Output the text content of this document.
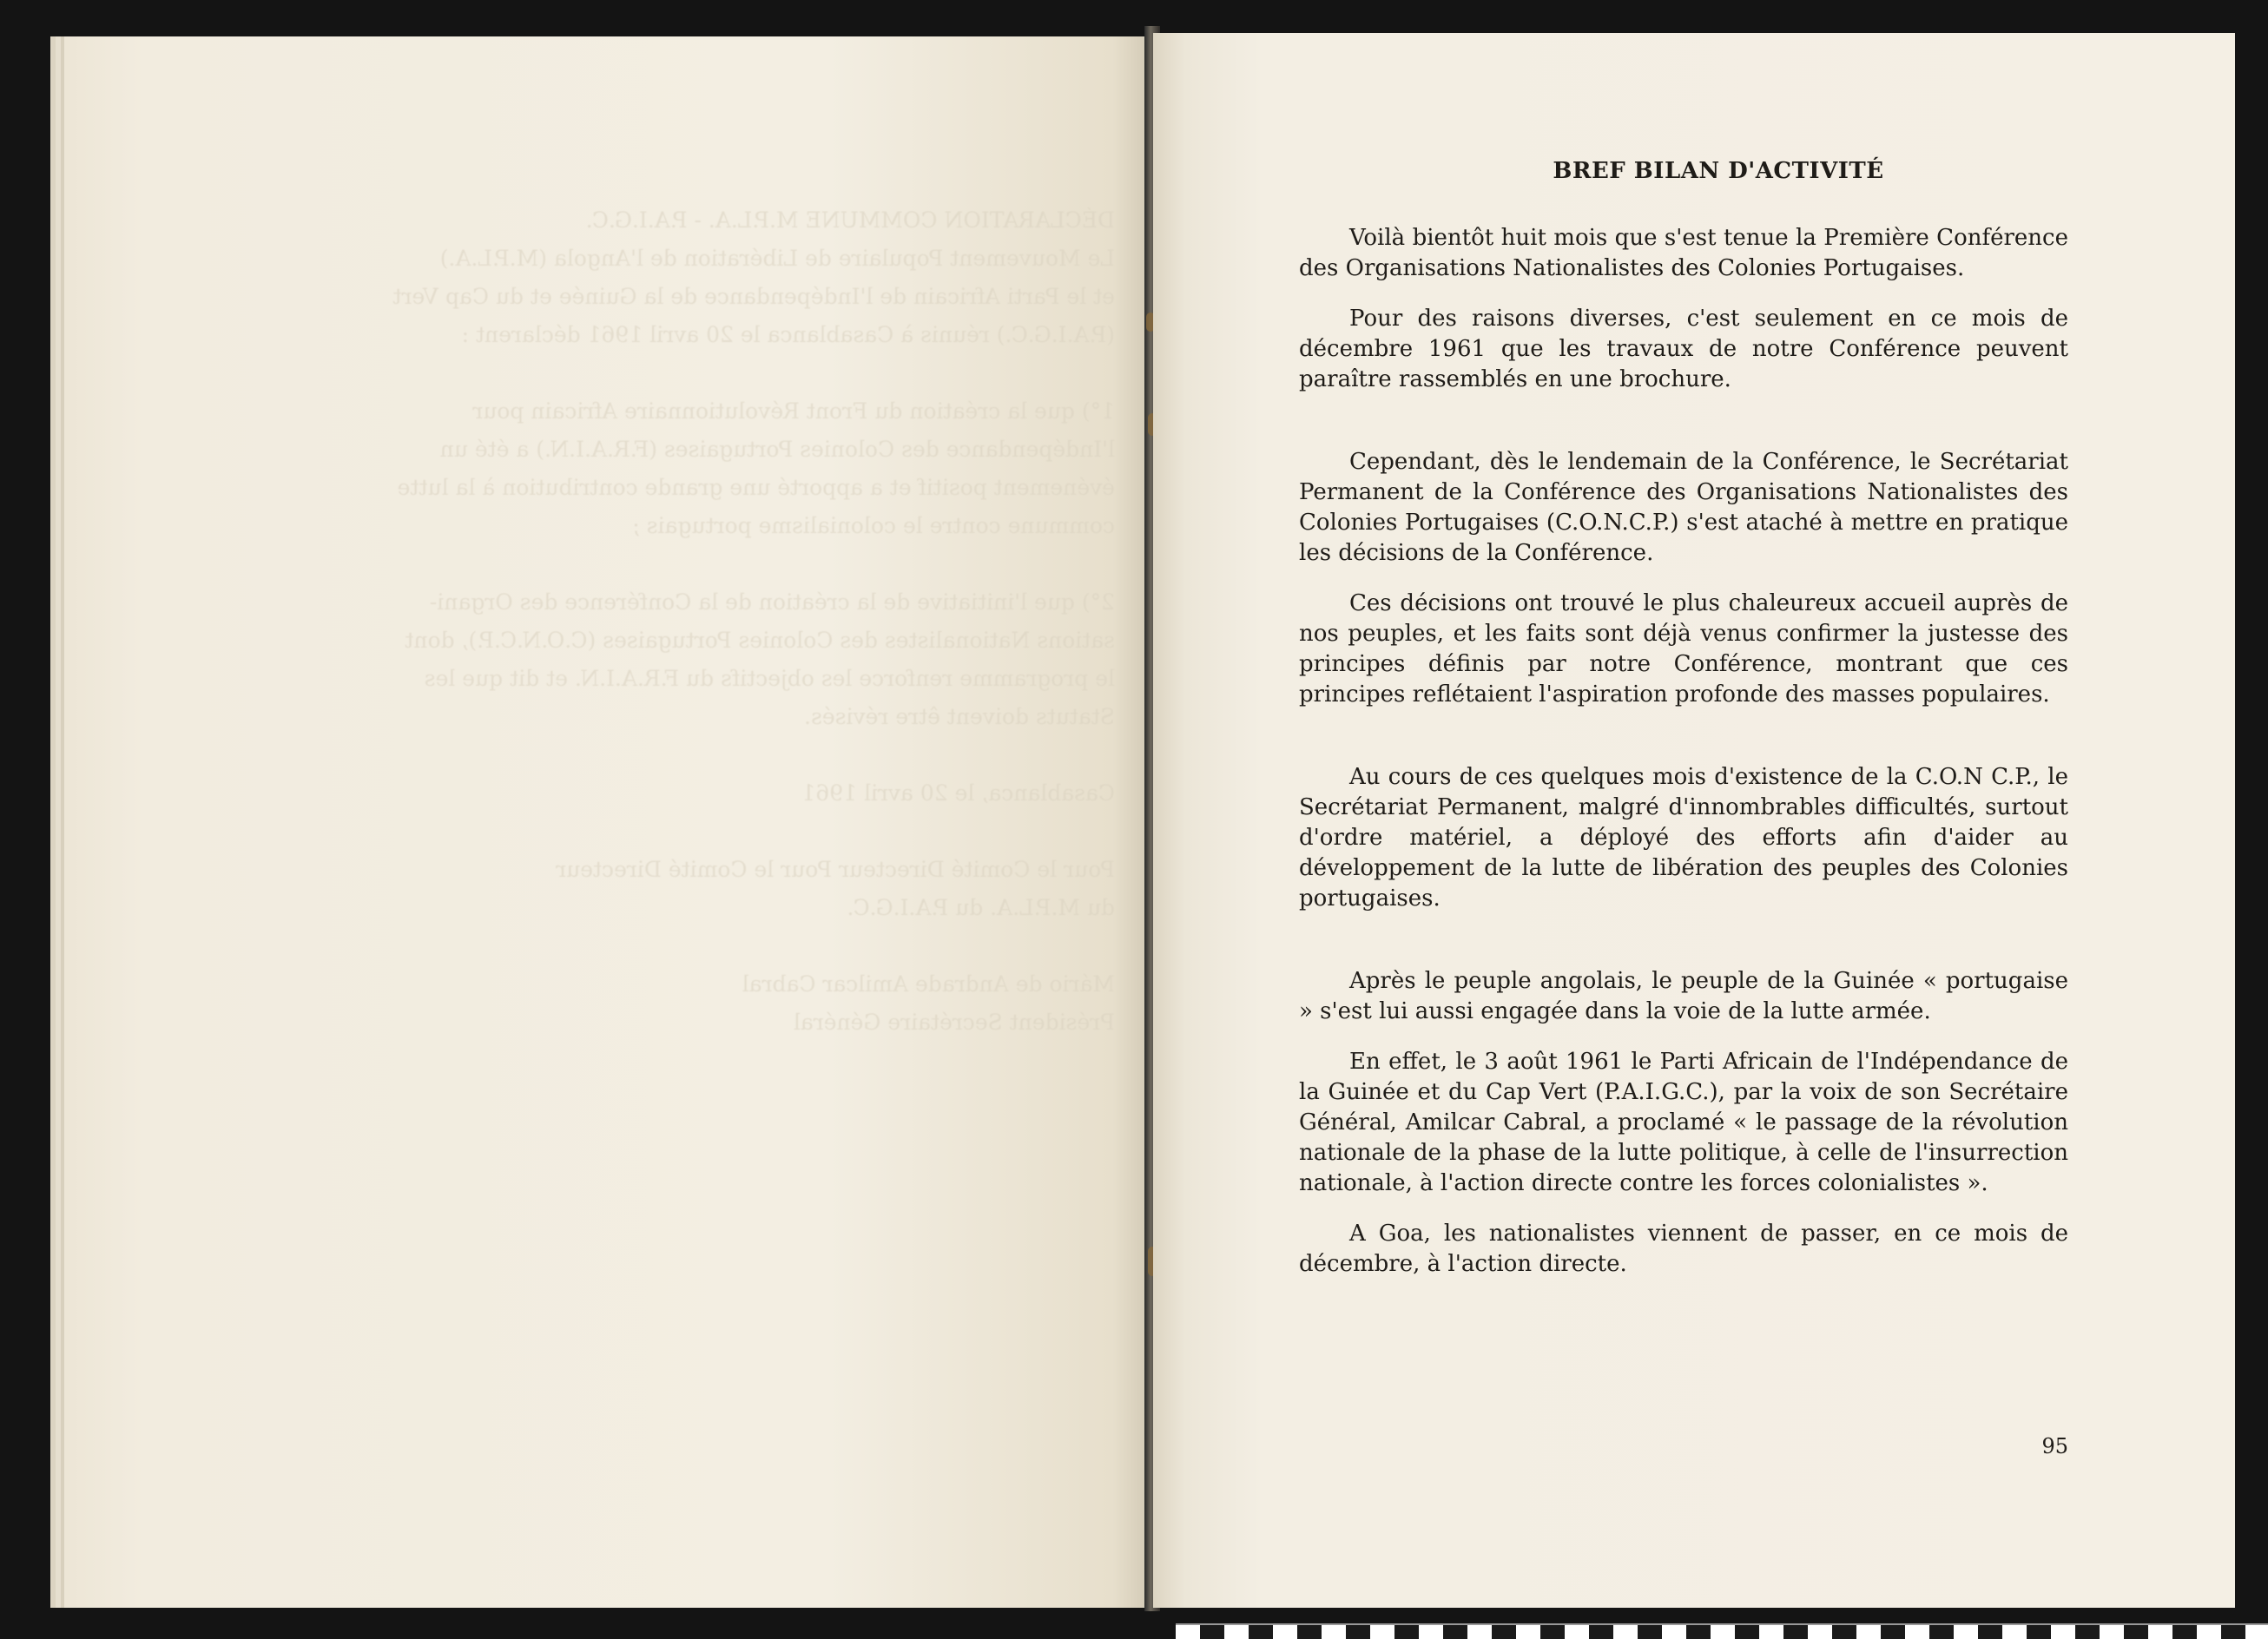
DÉCLARATION COMMUNE M.P.L.A. - P.A.I.G.C.
Le Mouvement Populaire de Libération de l'Angola (M.P.L.A.)
et le Parti Africain de l'Indépendance de la Guinée et du Cap Vert
(P.A.I.G.C.) réunis à Casablanca le 20 avril 1961 déclarent :

1°) que la création du Front Révolutionnaire Africain pour
l'Indépendance des Colonies Portugaises (F.R.A.I.N.) a été un
événement positif et a apporté une grande contribution à la lutte
commune contre le colonialisme portugais ;

2°) que l'initiative de la création de la Conférence des Organi-
sations Nationalistes des Colonies Portugaises (C.O.N.C.P.), dont
le programme renforce les objectifs du F.R.A.I.N. et dit que les
Statuts doivent être révisés.

Casablanca, le 20 avril 1961

Pour le Comité Directeur Pour le Comité Directeur
du M.P.L.A. du P.A.I.G.C.

Mário de Andrade Amilcar Cabral
Président Secrétaire Général
BREF BILAN D'ACTIVITÉ

Voilà bientôt huit mois que s'est tenue la Première Conférence des Organisations Nationalistes des Colonies Portugaises.

Pour des raisons diverses, c'est seulement en ce mois de décembre 1961 que les travaux de notre Conférence peuvent paraître rassemblés en une brochure.

Cependant, dès le lendemain de la Conférence, le Secrétariat Permanent de la Conférence des Organisations Nationalistes des Colonies Portugaises (C.O.N.C.P.) s'est ataché à mettre en pratique les décisions de la Conférence.

Ces décisions ont trouvé le plus chaleureux accueil auprès de nos peuples, et les faits sont déjà venus confirmer la justesse des principes définis par notre Conférence, montrant que ces principes reflétaient l'aspiration profonde des masses populaires.

Au cours de ces quelques mois d'existence de la C.O.N C.P., le Secrétariat Permanent, malgré d'innombrables difficultés, surtout d'ordre matériel, a déployé des efforts afin d'aider au développement de la lutte de libération des peuples des Colonies portugaises.

Après le peuple angolais, le peuple de la Guinée « portugaise » s'est lui aussi engagée dans la voie de la lutte armée.

En effet, le 3 août 1961 le Parti Africain de l'Indépendance de la Guinée et du Cap Vert (P.A.I.G.C.), par la voix de son Secrétaire Général, Amilcar Cabral, a proclamé « le passage de la révolution nationale de la phase de la lutte politique, à celle de l'insurrection nationale, à l'action directe contre les forces colonialistes ».

A Goa, les nationalistes viennent de passer, en ce mois de décembre, à l'action directe.

95
